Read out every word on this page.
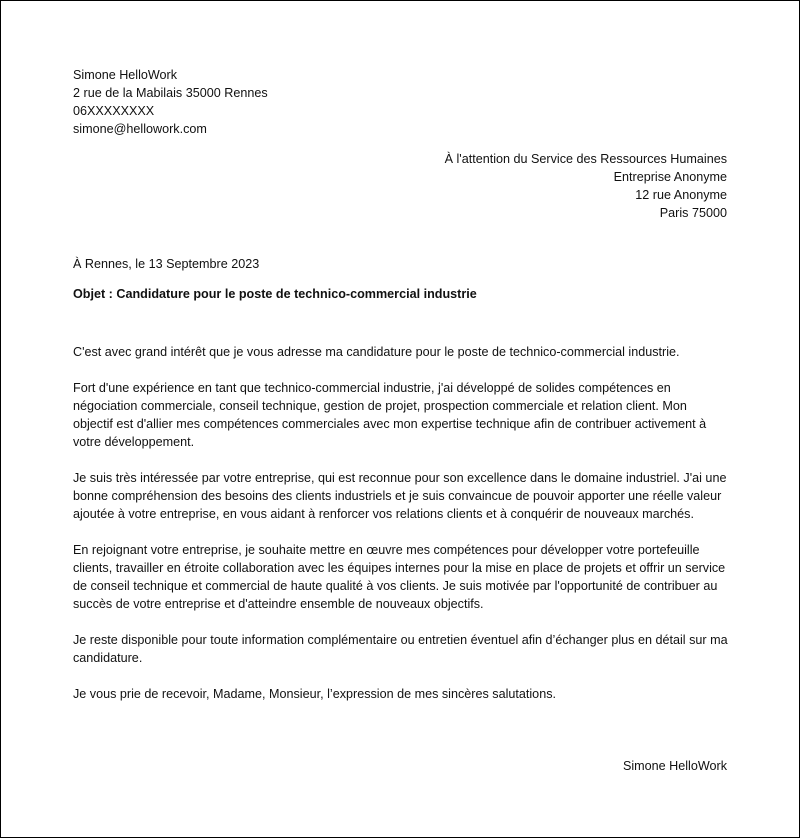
Simone HelloWork
2 rue de la Mabilais 35000 Rennes
06XXXXXXXX
simone@hellowork.com
À l'attention du Service des Ressources Humaines
Entreprise Anonyme
12 rue Anonyme
Paris 75000
À Rennes, le 13 Septembre 2023
Objet : Candidature pour le poste de technico-commercial industrie

C'est avec grand intérêt que je vous adresse ma candidature pour le poste de technico-commercial industrie.

Fort d'une expérience en tant que technico-commercial industrie, j'ai développé de solides compétences en négociation commerciale, conseil technique, gestion de projet, prospection commerciale et relation client. Mon objectif est d'allier mes compétences commerciales avec mon expertise technique afin de contribuer activement à votre développement.

Je suis très intéressée par votre entreprise, qui est reconnue pour son excellence dans le domaine industriel. J'ai une bonne compréhension des besoins des clients industriels et je suis convaincue de pouvoir apporter une réelle valeur ajoutée à votre entreprise, en vous aidant à renforcer vos relations clients et à conquérir de nouveaux marchés.

En rejoignant votre entreprise, je souhaite mettre en œuvre mes compétences pour développer votre portefeuille clients, travailler en étroite collaboration avec les équipes internes pour la mise en place de projets et offrir un service de conseil technique et commercial de haute qualité à vos clients. Je suis motivée par l'opportunité de contribuer au succès de votre entreprise et d'atteindre ensemble de nouveaux objectifs.

Je reste disponible pour toute information complémentaire ou entretien éventuel afin d’échanger plus en détail sur ma candidature.

Je vous prie de recevoir, Madame, Monsieur, l’expression de mes sincères salutations.

Simone HelloWork
